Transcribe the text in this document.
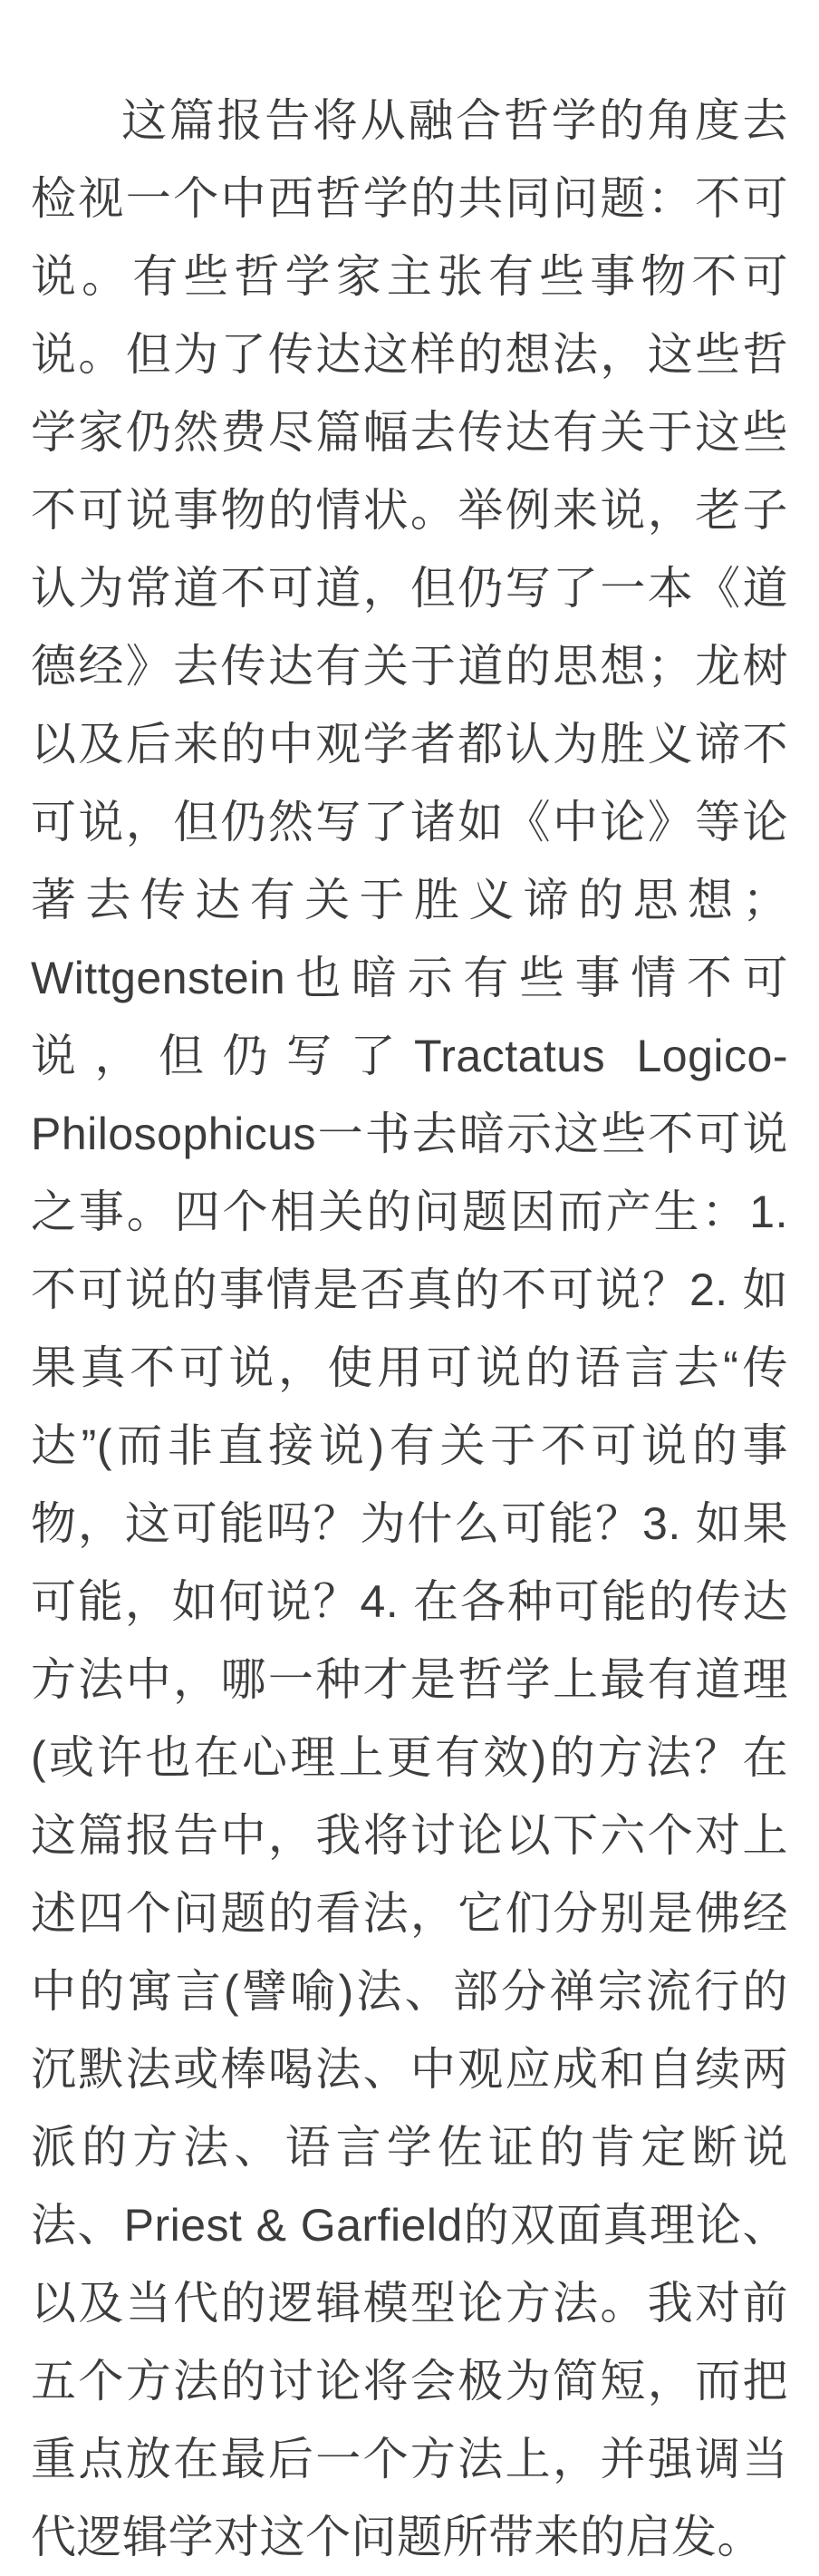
这篇报告将从融合哲学的角度去检视一个中西哲学的共同问题：不可说。有些哲学家主张有些事物不可说。但为了传达这样的想法，这些哲学家仍然费尽篇幅去传达有关于这些不可说事物的情状。举例来说，老子认为常道不可道，但仍写了一本《道德经》去传达有关于道的思想；龙树以及后来的中观学者都认为胜义谛不可说，但仍然写了诸如《中论》等论著去传达有关于胜义谛的思想；Wittgenstein也暗示有些事情不可说，但仍写了Tractatus Logico-Philosophicus一书去暗示这些不可说之事。四个相关的问题因而产生：1. 不可说的事情是否真的不可说？2. 如果真不可说，使用可说的语言去“传达”(而非直接说)有关于不可说的事物，这可能吗？为什么可能？3. 如果可能，如何说？4. 在各种可能的传达方法中，哪一种才是哲学上最有道理(或许也在心理上更有效)的方法？在这篇报告中，我将讨论以下六个对上述四个问题的看法，它们分别是佛经中的寓言(譬喻)法、部分禅宗流行的沉默法或棒喝法、中观应成和自续两派的方法、语言学佐证的肯定断说法、Priest & Garfield的双面真理论、以及当代的逻辑模型论方法。我对前五个方法的讨论将会极为简短，而把重点放在最后一个方法上，并强调当代逻辑学对这个问题所带来的启发。
